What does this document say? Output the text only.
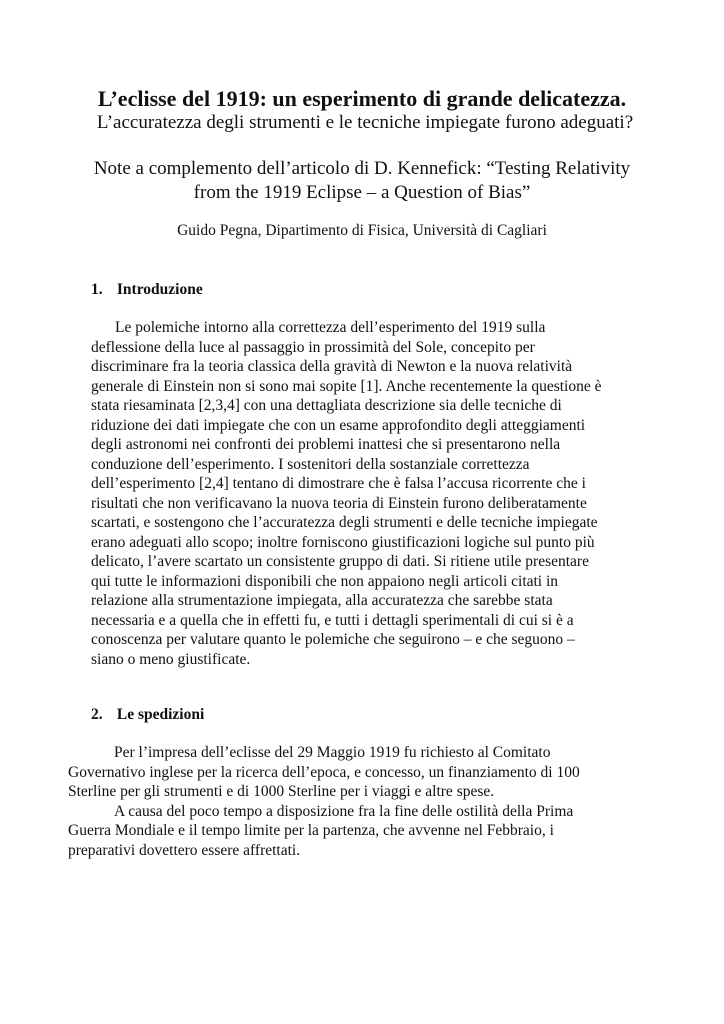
L’eclisse del 1919: un esperimento di grande delicatezza.

L’accuratezza degli strumenti e le tecniche impiegate furono adeguati?

Note a complemento dell’articolo di D. Kennefick: “Testing Relativity
from the 1919 Eclipse – a Question of Bias”

Guido Pegna, Dipartimento di Fisica, Università di Cagliari

1. Introduzione
Le polemiche intorno alla correttezza dell’esperimento del 1919 sulla
deflessione della luce al passaggio in prossimità del Sole, concepito per
discriminare fra la teoria classica della gravità di Newton e la nuova relatività
generale di Einstein non si sono mai sopite [1]. Anche recentemente la questione è
stata riesaminata [2,3,4] con una dettagliata descrizione sia delle tecniche di
riduzione dei dati impiegate che con un esame approfondito degli atteggiamenti
degli astronomi nei confronti dei problemi inattesi che si presentarono nella
conduzione dell’esperimento. I sostenitori della sostanziale correttezza
dell’esperimento [2,4] tentano di dimostrare che è falsa l’accusa ricorrente che i
risultati che non verificavano la nuova teoria di Einstein furono deliberatamente
scartati, e sostengono che l’accuratezza degli strumenti e delle tecniche impiegate
erano adeguati allo scopo; inoltre forniscono giustificazioni logiche sul punto più
delicato, l’avere scartato un consistente gruppo di dati. Si ritiene utile presentare
qui tutte le informazioni disponibili che non appaiono negli articoli citati in
relazione alla strumentazione impiegata, alla accuratezza che sarebbe stata
necessaria e a quella che in effetti fu, e tutti i dettagli sperimentali di cui si è a
conoscenza per valutare quanto le polemiche che seguirono – e che seguono –
siano o meno giustificate.
2. Le spedizioni
Per l’impresa dell’eclisse del 29 Maggio 1919 fu richiesto al Comitato
Governativo inglese per la ricerca dell’epoca, e concesso, un finanziamento di 100
Sterline per gli strumenti e di 1000 Sterline per i viaggi e altre spese.
A causa del poco tempo a disposizione fra la fine delle ostilità della Prima
Guerra Mondiale e il tempo limite per la partenza, che avvenne nel Febbraio, i
preparativi dovettero essere affrettati.
